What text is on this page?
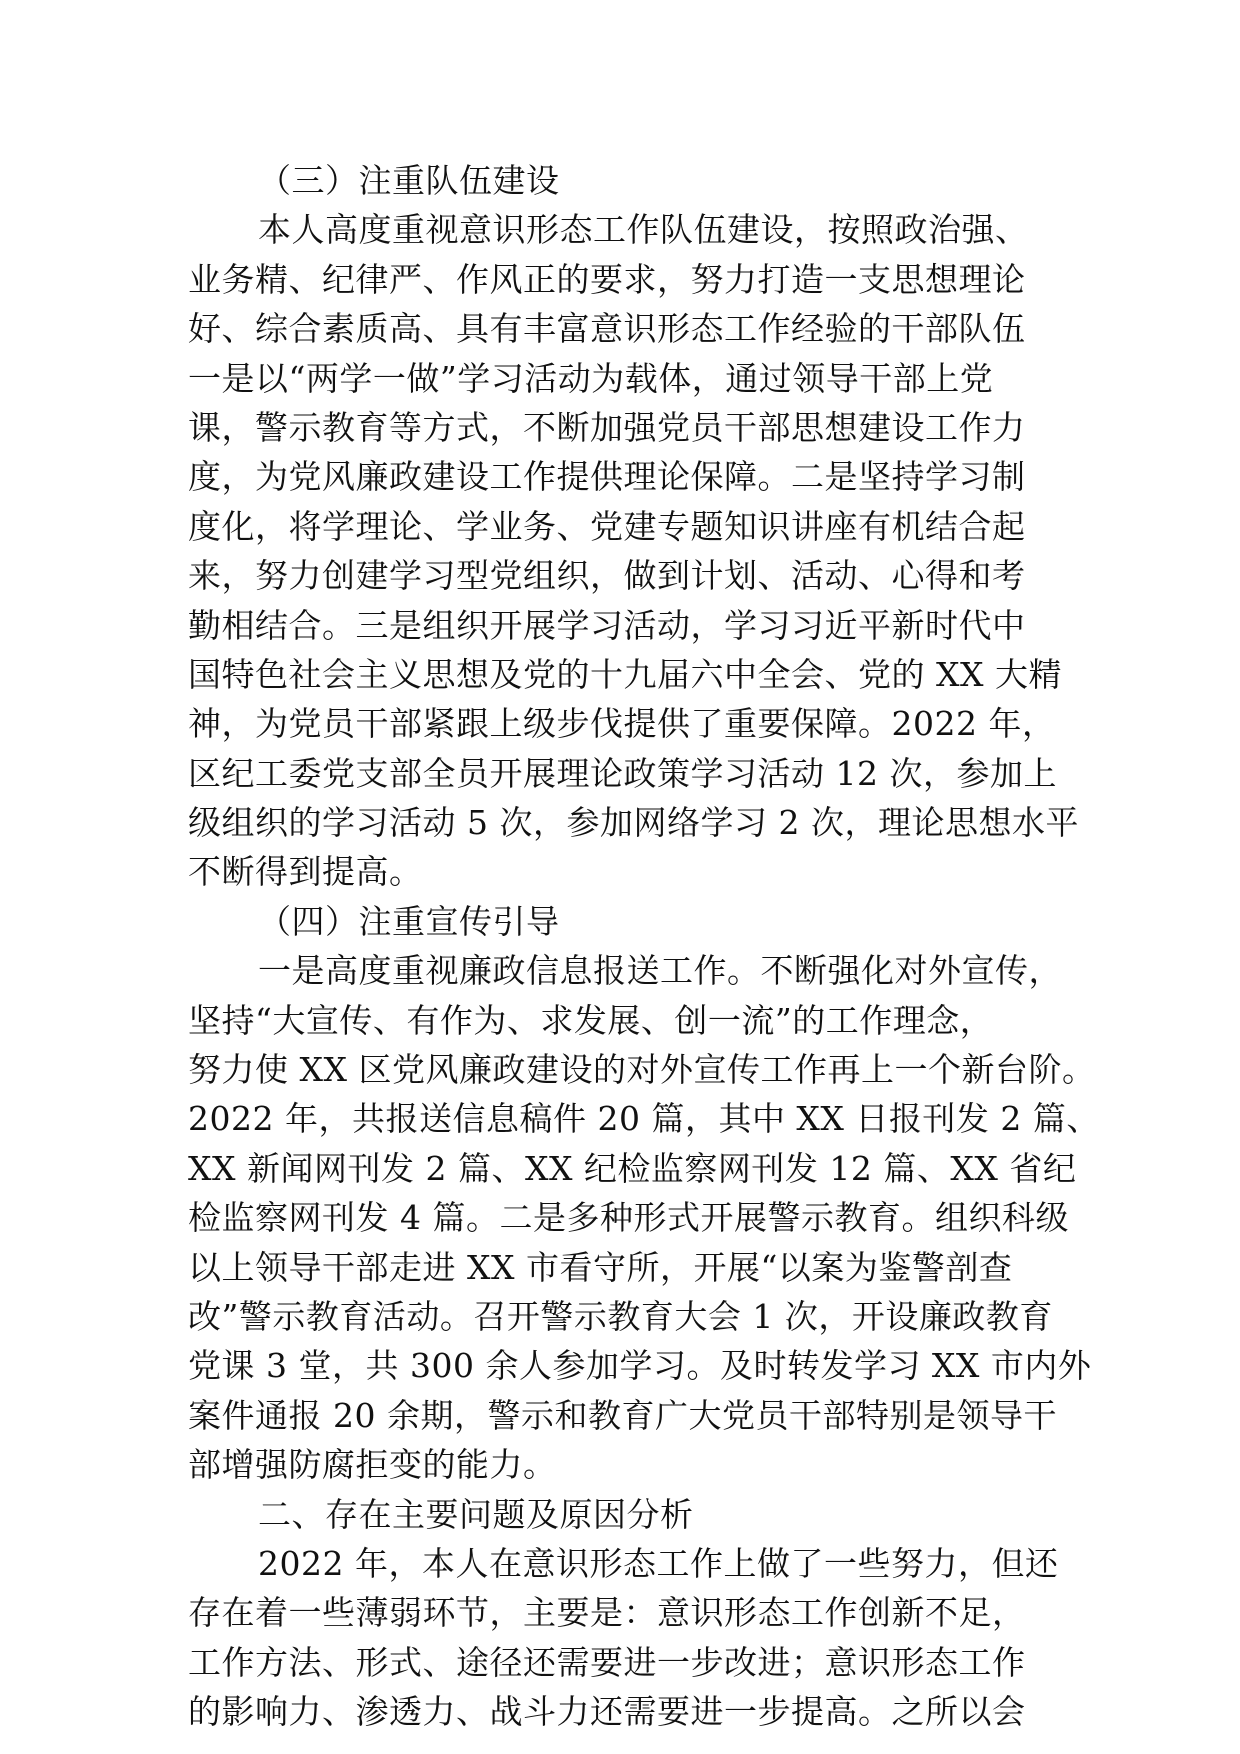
（三）注重队伍建设
本人高度重视意识形态工作队伍建设，按照政治强、
业务精、纪律严、作风正的要求，努力打造一支思想理论
好、综合素质高、具有丰富意识形态工作经验的干部队伍
一是以“两学一做”学习活动为载体，通过领导干部上党
课，警示教育等方式，不断加强党员干部思想建设工作力
度，为党风廉政建设工作提供理论保障。二是坚持学习制
度化，将学理论、学业务、党建专题知识讲座有机结合起
来，努力创建学习型党组织，做到计划、活动、心得和考
勤相结合。三是组织开展学习活动，学习习近平新时代中
国特色社会主义思想及党的十九届六中全会、党的 XX 大精
神，为党员干部紧跟上级步伐提供了重要保障。2022 年，
区纪工委党支部全员开展理论政策学习活动 12 次，参加上
级组织的学习活动 5 次，参加网络学习 2 次，理论思想水平
不断得到提高。
（四）注重宣传引导
一是高度重视廉政信息报送工作。不断强化对外宣传，
坚持“大宣传、有作为、求发展、创一流”的工作理念，
努力使 XX 区党风廉政建设的对外宣传工作再上一个新台阶。
2022 年，共报送信息稿件 20 篇，其中 XX 日报刊发 2 篇、
XX 新闻网刊发 2 篇、XX 纪检监察网刊发 12 篇、XX 省纪
检监察网刊发 4 篇。二是多种形式开展警示教育。组织科级
以上领导干部走进 XX 市看守所，开展“以案为鉴警剖查
改”警示教育活动。召开警示教育大会 1 次，开设廉政教育
党课 3 堂，共 300 余人参加学习。及时转发学习 XX 市内外
案件通报 20 余期，警示和教育广大党员干部特别是领导干
部增强防腐拒变的能力。
二、存在主要问题及原因分析
2022 年，本人在意识形态工作上做了一些努力，但还
存在着一些薄弱环节，主要是：意识形态工作创新不足，
工作方法、形式、途径还需要进一步改进；意识形态工作
的影响力、渗透力、战斗力还需要进一步提高。之所以会
